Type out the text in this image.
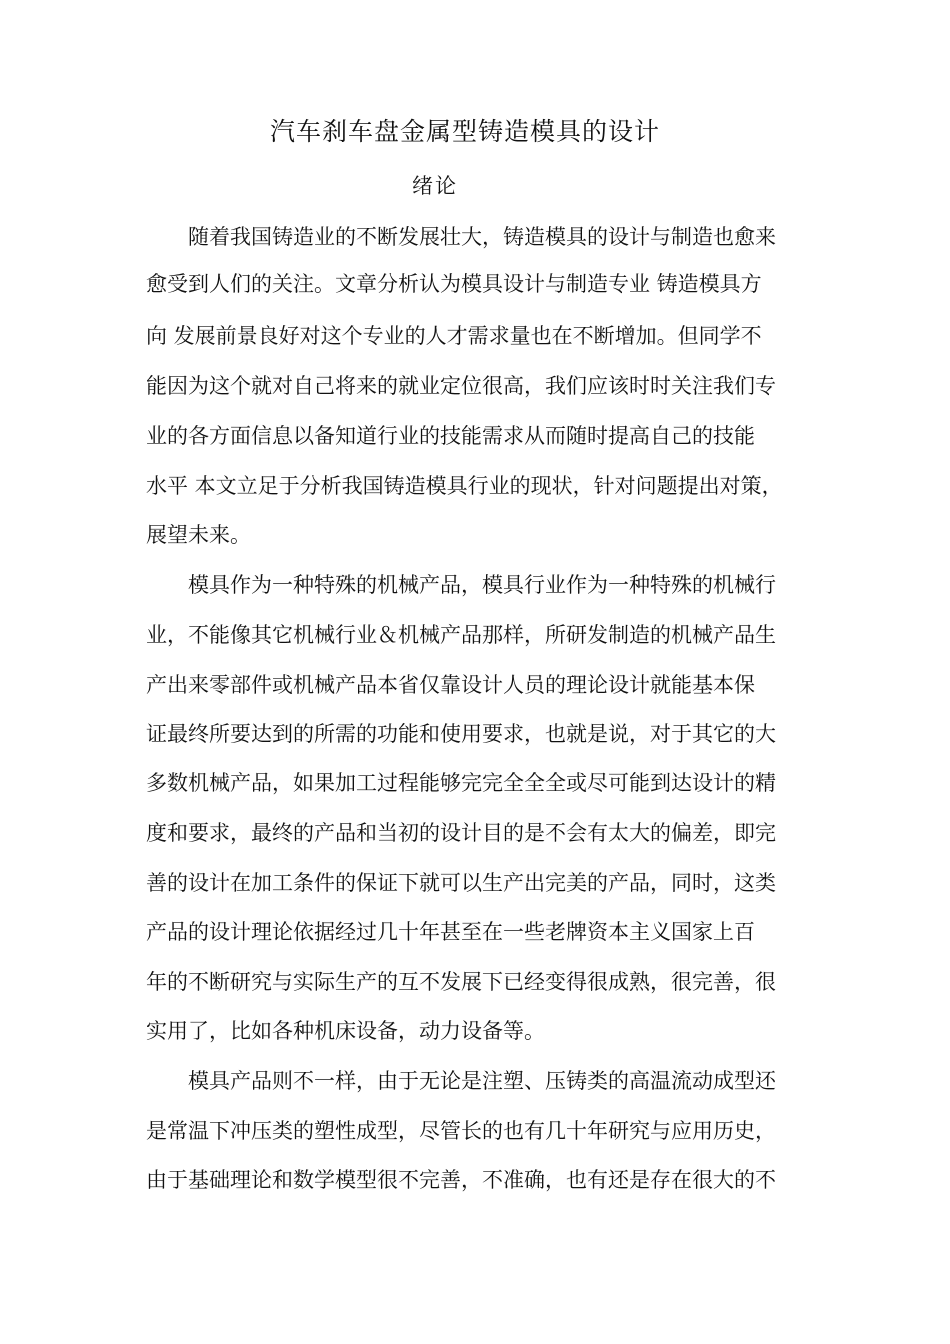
汽车刹车盘金属型铸造模具的设计
绪论
随着我国铸造业的不断发展壮大，铸造模具的设计与制造也愈来
愈受到人们的关注。文章分析认为模具设计与制造专业 铸造模具方
向 发展前景良好对这个专业的人才需求量也在不断增加。但同学不
能因为这个就对自己将来的就业定位很高，我们应该时时关注我们专
业的各方面信息以备知道行业的技能需求从而随时提高自己的技能
水平 本文立足于分析我国铸造模具行业的现状，针对问题提出对策，
展望未来。
模具作为一种特殊的机械产品，模具行业作为一种特殊的机械行
业，不能像其它机械行业＆机械产品那样，所研发制造的机械产品生
产出来零部件或机械产品本省仅靠设计人员的理论设计就能基本保
证最终所要达到的所需的功能和使用要求，也就是说，对于其它的大
多数机械产品，如果加工过程能够完完全全全或尽可能到达设计的精
度和要求，最终的产品和当初的设计目的是不会有太大的偏差，即完
善的设计在加工条件的保证下就可以生产出完美的产品，同时，这类
产品的设计理论依据经过几十年甚至在一些老牌资本主义国家上百
年的不断研究与实际生产的互不发展下已经变得很成熟，很完善，很
实用了，比如各种机床设备，动力设备等。
模具产品则不一样，由于无论是注塑、压铸类的高温流动成型还
是常温下冲压类的塑性成型，尽管长的也有几十年研究与应用历史，
由于基础理论和数学模型很不完善，不准确，也有还是存在很大的不
